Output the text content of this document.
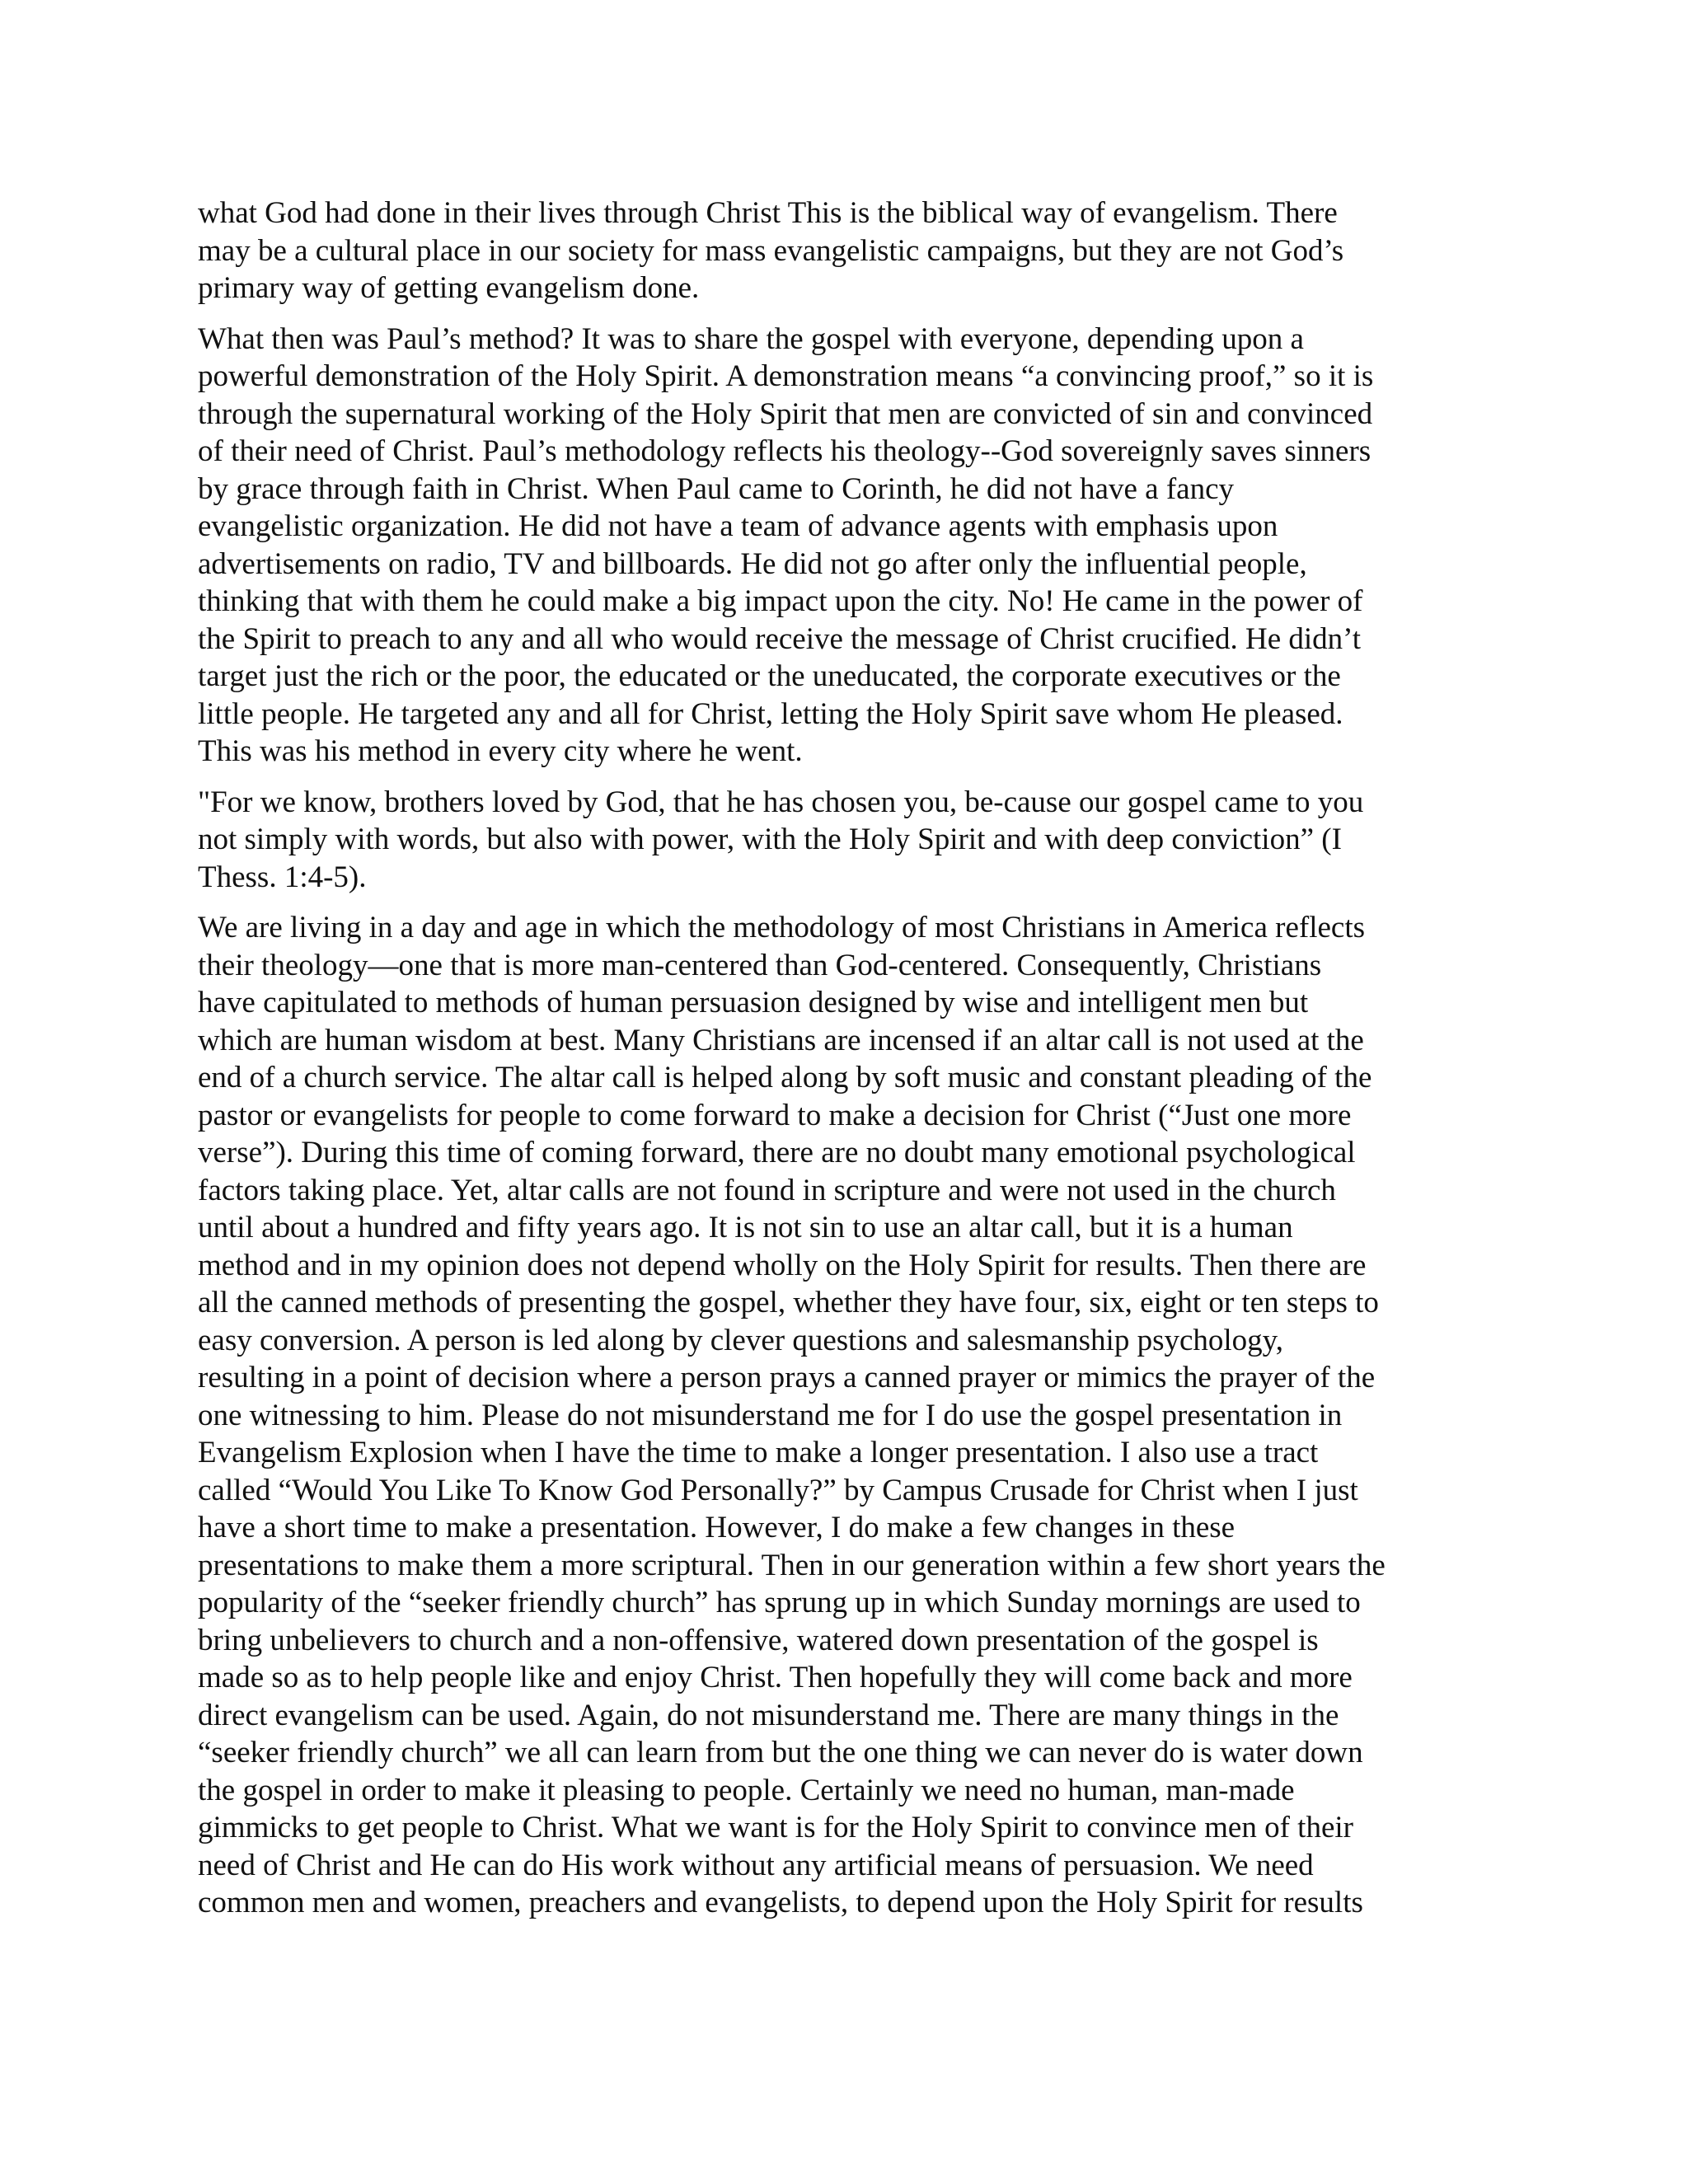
what God had done in their lives through Christ This is the biblical way of evangelism. There
may be a cultural place in our society for mass evangelistic campaigns, but they are not God’s
primary way of getting evangelism done.

What then was Paul’s method? It was to share the gospel with everyone, depending upon a
powerful demonstration of the Holy Spirit. A demonstration means “a convincing proof,” so it is
through the supernatural working of the Holy Spirit that men are convicted of sin and convinced
of their need of Christ. Paul’s methodology reflects his theology--God sovereignly saves sinners
by grace through faith in Christ. When Paul came to Corinth, he did not have a fancy
evangelistic organization. He did not have a team of advance agents with emphasis upon
advertisements on radio, TV and billboards. He did not go after only the influential people,
thinking that with them he could make a big impact upon the city. No! He came in the power of
the Spirit to preach to any and all who would receive the message of Christ crucified. He didn’t
target just the rich or the poor, the educated or the uneducated, the corporate executives or the
little people. He targeted any and all for Christ, letting the Holy Spirit save whom He pleased.
This was his method in every city where he went.

"For we know, brothers loved by God, that he has chosen you, be-cause our gospel came to you
not simply with words, but also with power, with the Holy Spirit and with deep conviction” (I
Thess. 1:4-5).

We are living in a day and age in which the methodology of most Christians in America reflects
their theology—one that is more man-centered than God-centered. Consequently, Christians
have capitulated to methods of human persuasion designed by wise and intelligent men but
which are human wisdom at best. Many Christians are incensed if an altar call is not used at the
end of a church service. The altar call is helped along by soft music and constant pleading of the
pastor or evangelists for people to come forward to make a decision for Christ (“Just one more
verse”). During this time of coming forward, there are no doubt many emotional psychological
factors taking place. Yet, altar calls are not found in scripture and were not used in the church
until about a hundred and fifty years ago. It is not sin to use an altar call, but it is a human
method and in my opinion does not depend wholly on the Holy Spirit for results. Then there are
all the canned methods of presenting the gospel, whether they have four, six, eight or ten steps to
easy conversion. A person is led along by clever questions and salesmanship psychology,
resulting in a point of decision where a person prays a canned prayer or mimics the prayer of the
one witnessing to him. Please do not misunderstand me for I do use the gospel presentation in
Evangelism Explosion when I have the time to make a longer presentation. I also use a tract
called “Would You Like To Know God Personally?” by Campus Crusade for Christ when I just
have a short time to make a presentation. However, I do make a few changes in these
presentations to make them a more scriptural. Then in our generation within a few short years the
popularity of the “seeker friendly church” has sprung up in which Sunday mornings are used to
bring unbelievers to church and a non-offensive, watered down presentation of the gospel is
made so as to help people like and enjoy Christ. Then hopefully they will come back and more
direct evangelism can be used. Again, do not misunderstand me. There are many things in the
“seeker friendly church” we all can learn from but the one thing we can never do is water down
the gospel in order to make it pleasing to people. Certainly we need no human, man-made
gimmicks to get people to Christ. What we want is for the Holy Spirit to convince men of their
need of Christ and He can do His work without any artificial means of persuasion. We need
common men and women, preachers and evangelists, to depend upon the Holy Spirit for results
